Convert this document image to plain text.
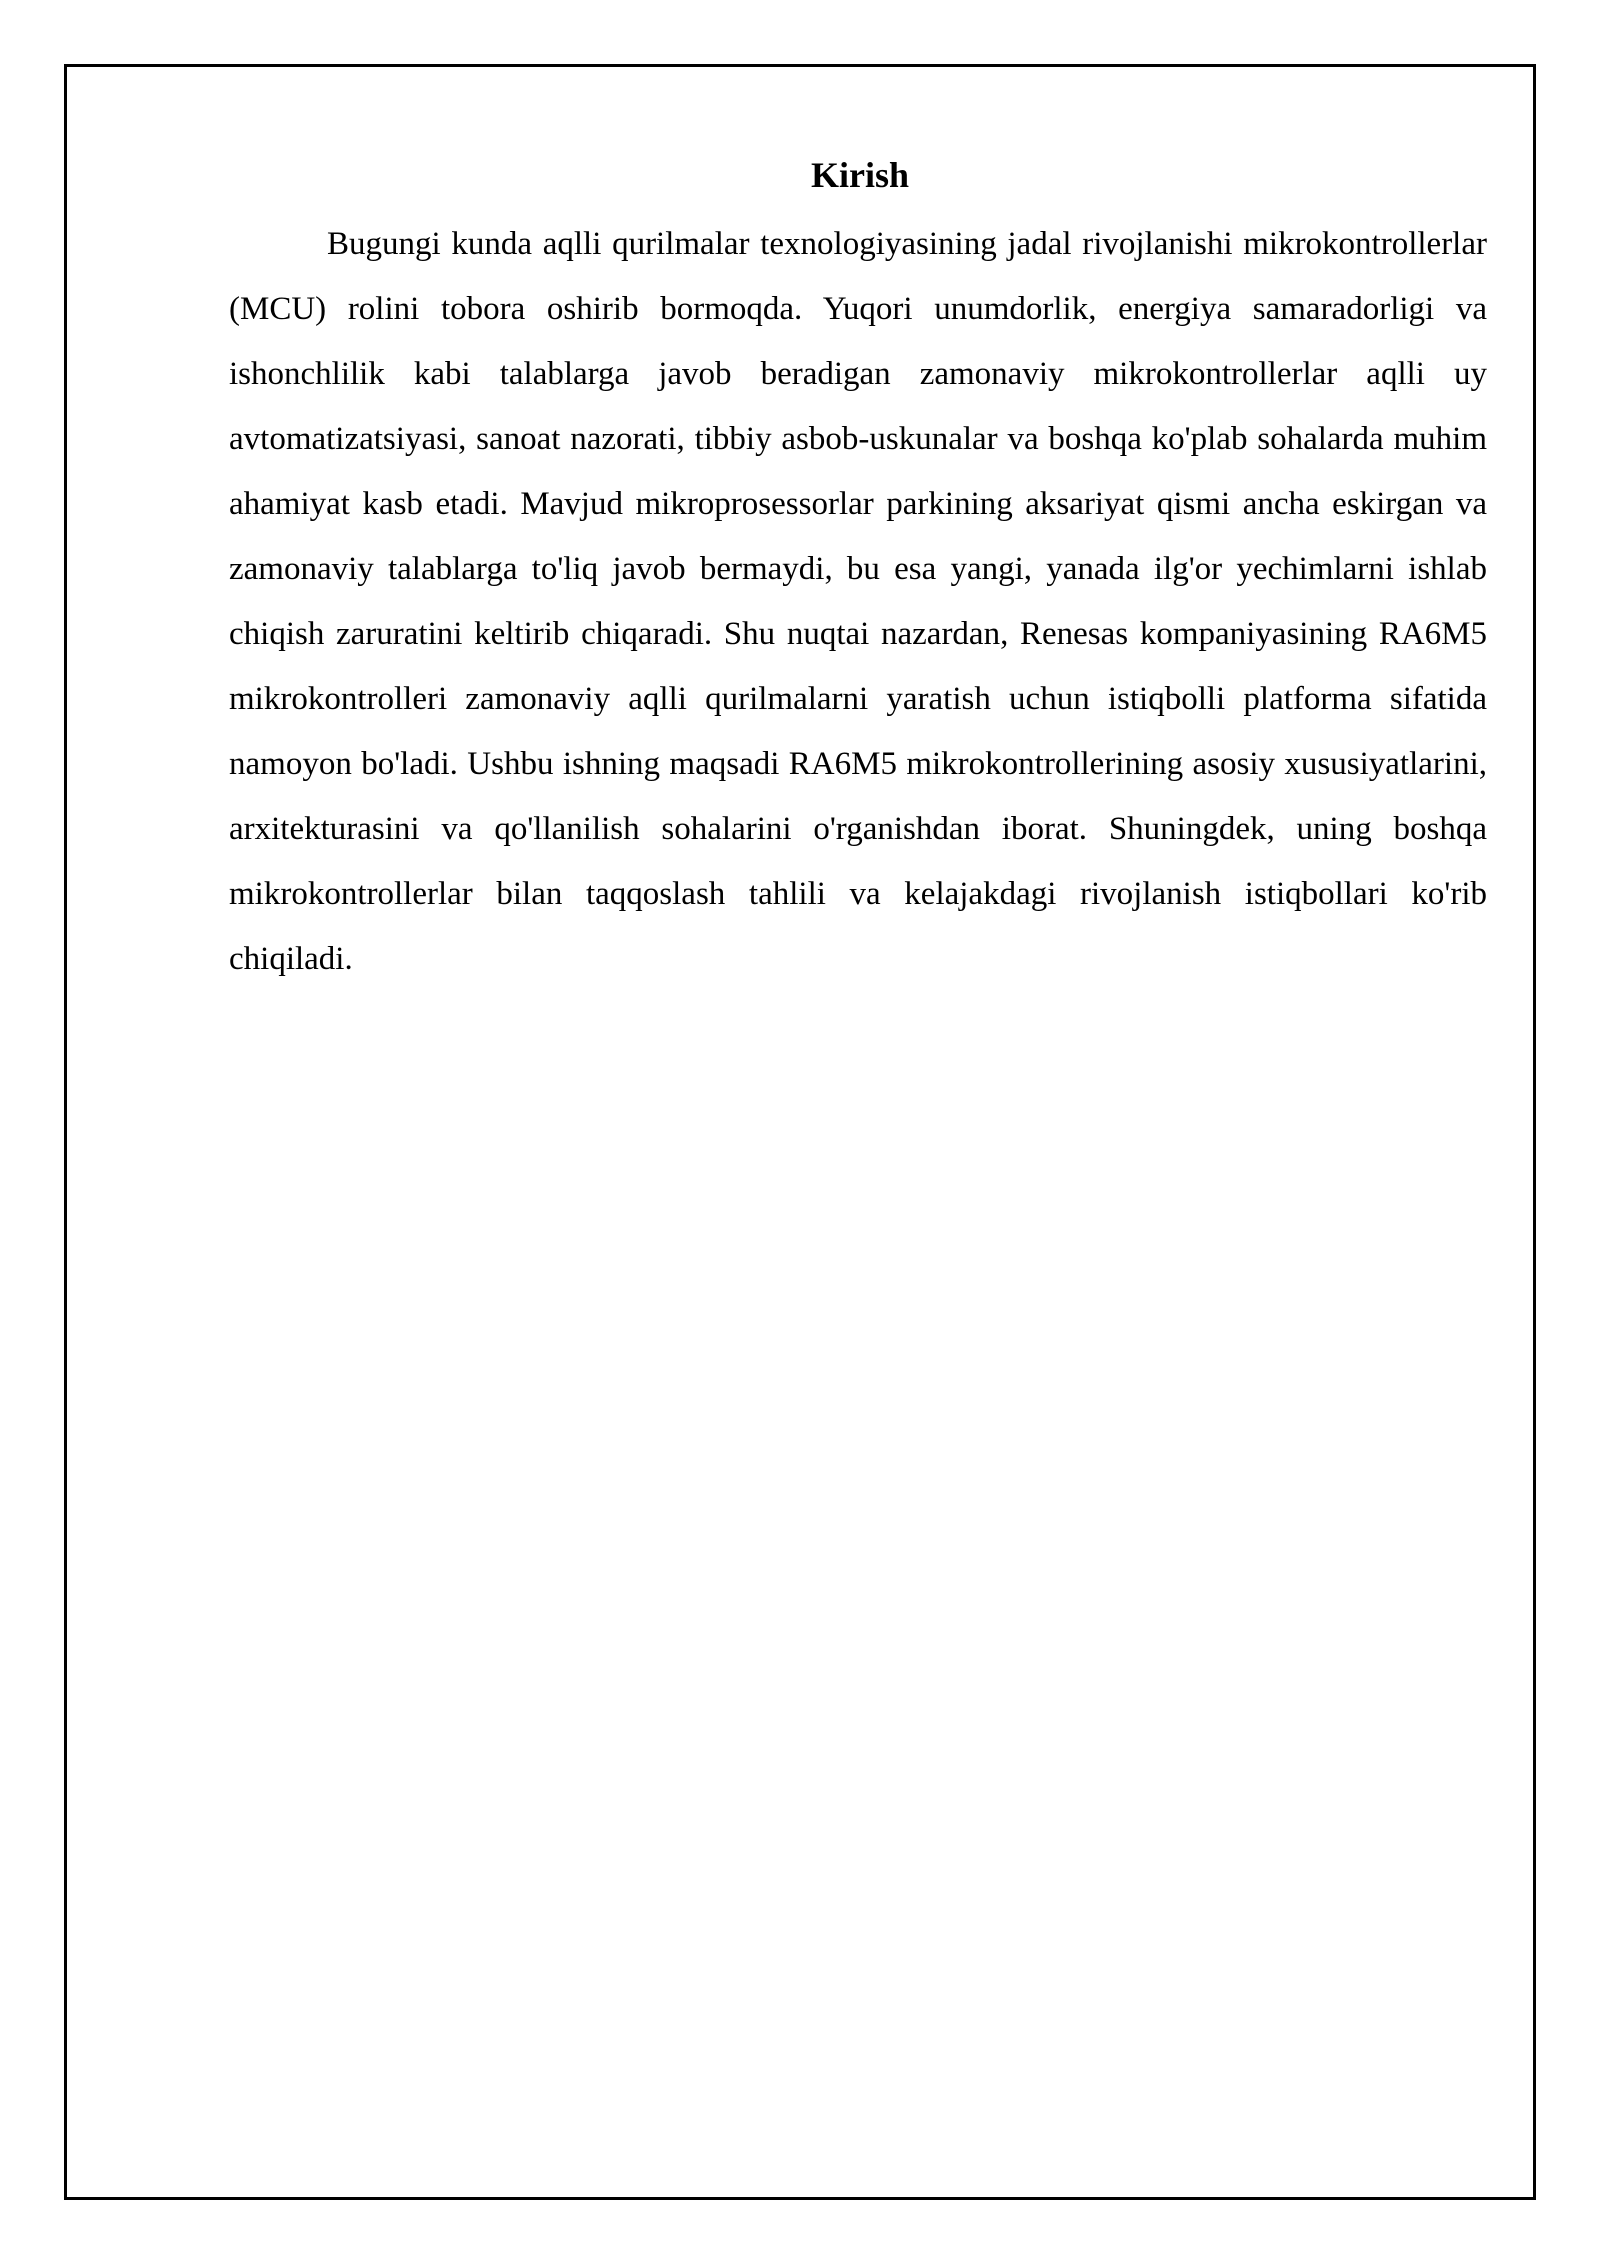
Kirish

Bugungi kunda aqlli qurilmalar texnologiyasining jadal rivojlanishi mikrokontrollerlar (MCU) rolini tobora oshirib bormoqda. Yuqori unumdorlik, energiya samaradorligi va ishonchlilik kabi talablarga javob beradigan zamonaviy mikrokontrollerlar aqlli uy avtomatizatsiyasi, sanoat nazorati, tibbiy asbob-uskunalar va boshqa ko'plab sohalarda muhim ahamiyat kasb etadi. Mavjud mikroprosessorlar parkining aksariyat qismi ancha eskirgan va zamonaviy talablarga to'liq javob bermaydi, bu esa yangi, yanada ilg'or yechimlarni ishlab chiqish zaruratini keltirib chiqaradi. Shu nuqtai nazardan, Renesas kompaniyasining RA6M5 mikrokontrolleri zamonaviy aqlli qurilmalarni yaratish uchun istiqbolli platforma sifatida namoyon bo'ladi. Ushbu ishning maqsadi RA6M5 mikrokontrollerining asosiy xususiyatlarini, arxitekturasini va qo'llanilish sohalarini o'rganishdan iborat. Shuningdek, uning boshqa mikrokontrollerlar bilan taqqoslash tahlili va kelajakdagi rivojlanish istiqbollari ko'rib chiqiladi.
